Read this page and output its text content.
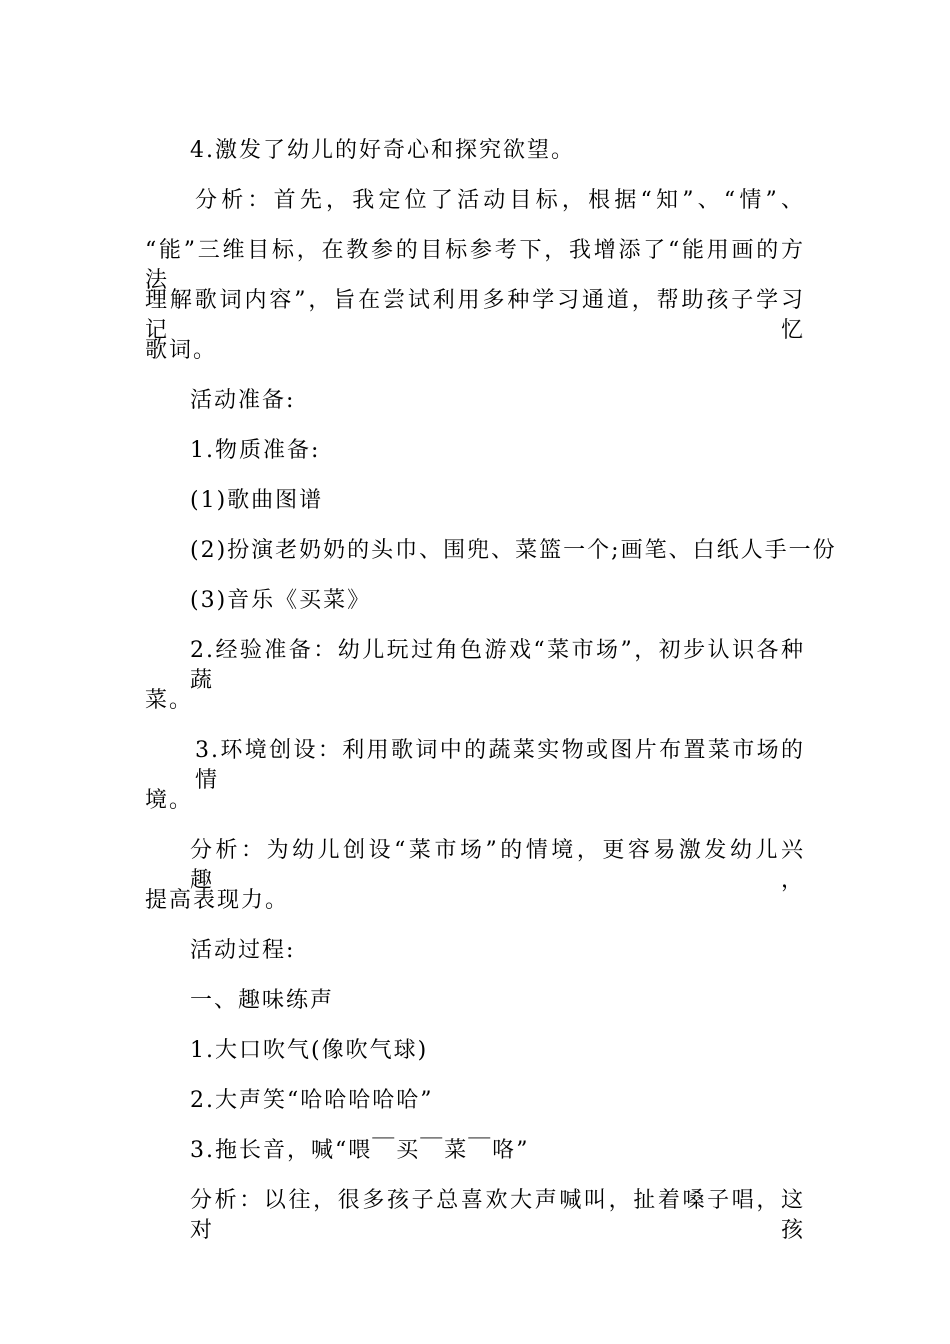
4.激发了幼儿的好奇心和探究欲望。
分析：首先，我定位了活动目标，根据“知”、“情”、
“能”三维目标，在教参的目标参考下，我增添了“能用画的方法
理解歌词内容”，旨在尝试利用多种学习通道，帮助孩子学习记忆
歌词。
活动准备:
1.物质准备:
(1)歌曲图谱
(2)扮演老奶奶的头巾、围兜、菜篮一个;画笔、白纸人手一份
(3)音乐《买菜》
2.经验准备：幼儿玩过角色游戏“菜市场”，初步认识各种蔬
菜。
3.环境创设：利用歌词中的蔬菜实物或图片布置菜市场的情
境。
分析：为幼儿创设“菜市场”的情境，更容易激发幼儿兴趣，
提高表现力。
活动过程:
一、趣味练声
1.大口吹气(像吹气球)
2.大声笑“哈哈哈哈哈”
3.拖长音，喊“喂￣买￣菜￣咯”
分析：以往，很多孩子总喜欢大声喊叫，扯着嗓子唱，这对孩
